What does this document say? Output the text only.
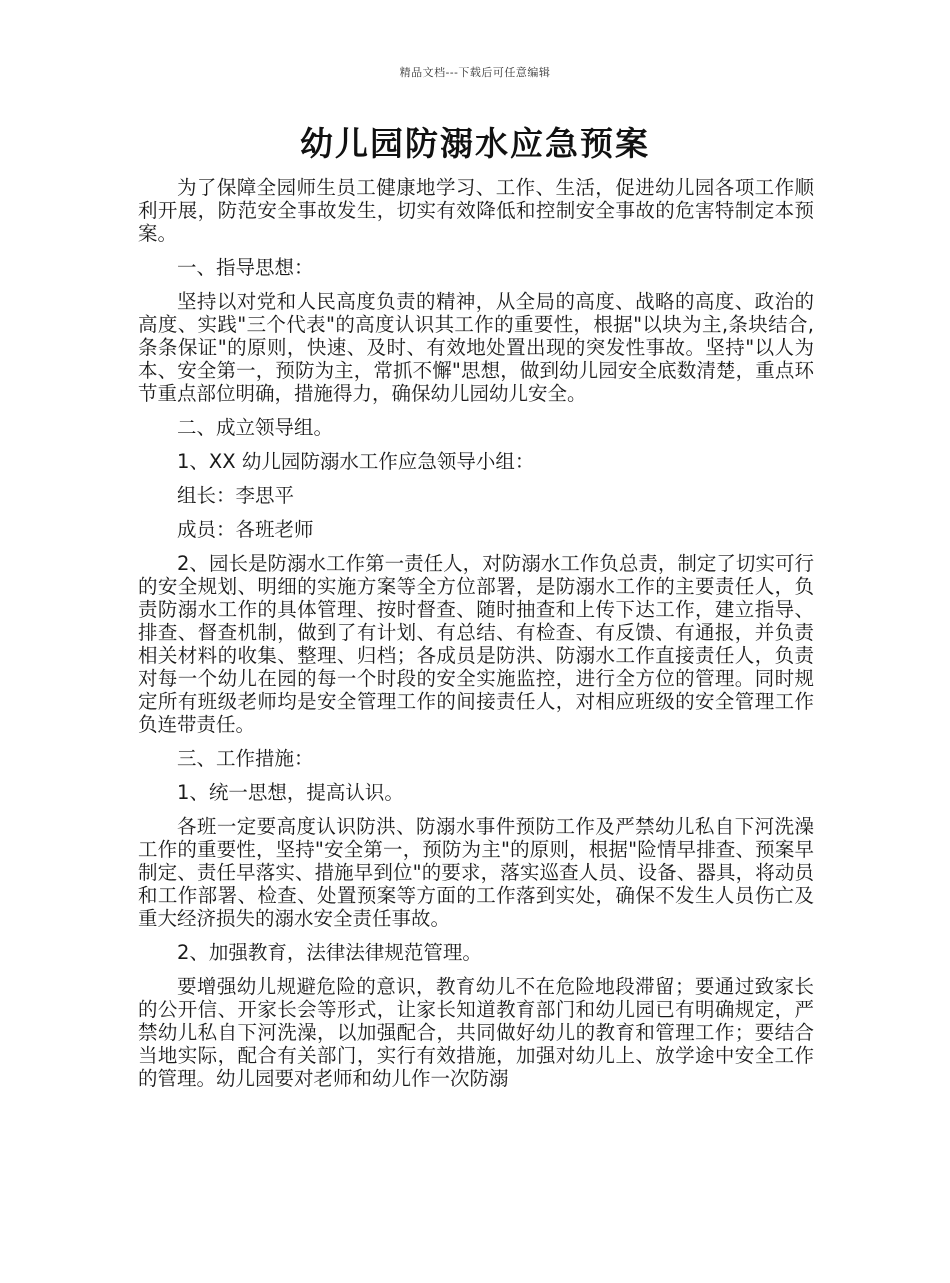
精品文档---下载后可任意编辑
幼儿园防溺水应急预案

为了保障全园师生员工健康地学习、工作、生活，促进幼儿园各项工作顺利开展，防范安全事故发生，切实有效降低和控制安全事故的危害特制定本预案。

一、指导思想：

坚持以对党和人民高度负责的精神，从全局的高度、战略的高度、政治的高度、实践"三个代表"的高度认识其工作的重要性，根据"以块为主,条块结合,条条保证"的原则，快速、及时、有效地处置出现的突发性事故。坚持"以人为本、安全第一，预防为主，常抓不懈"思想，做到幼儿园安全底数清楚，重点环节重点部位明确，措施得力，确保幼儿园幼儿安全。

二、成立领导组。

1、XX 幼儿园防溺水工作应急领导小组：

组长：李思平

成员：各班老师

2、园长是防溺水工作第一责任人，对防溺水工作负总责，制定了切实可行的安全规划、明细的实施方案等全方位部署，是防溺水工作的主要责任人，负责防溺水工作的具体管理、按时督查、随时抽查和上传下达工作，建立指导、排查、督查机制，做到了有计划、有总结、有检查、有反馈、有通报，并负责相关材料的收集、整理、归档；各成员是防洪、防溺水工作直接责任人，负责对每一个幼儿在园的每一个时段的安全实施监控，进行全方位的管理。同时规定所有班级老师均是安全管理工作的间接责任人，对相应班级的安全管理工作负连带责任。

三、工作措施：

1、统一思想，提高认识。

各班一定要高度认识防洪、防溺水事件预防工作及严禁幼儿私自下河洗澡工作的重要性，坚持"安全第一，预防为主"的原则，根据"险情早排查、预案早制定、责任早落实、措施早到位"的要求，落实巡查人员、设备、器具，将动员和工作部署、检查、处置预案等方面的工作落到实处，确保不发生人员伤亡及重大经济损失的溺水安全责任事故。

2、加强教育，法律法律规范管理。

要增强幼儿规避危险的意识，教育幼儿不在危险地段滞留；要通过致家长的公开信、开家长会等形式，让家长知道教育部门和幼儿园已有明确规定，严禁幼儿私自下河洗澡，以加强配合，共同做好幼儿的教育和管理工作；要结合当地实际，配合有关部门，实行有效措施，加强对幼儿上、放学途中安全工作的管理。幼儿园要对老师和幼儿作一次防溺
